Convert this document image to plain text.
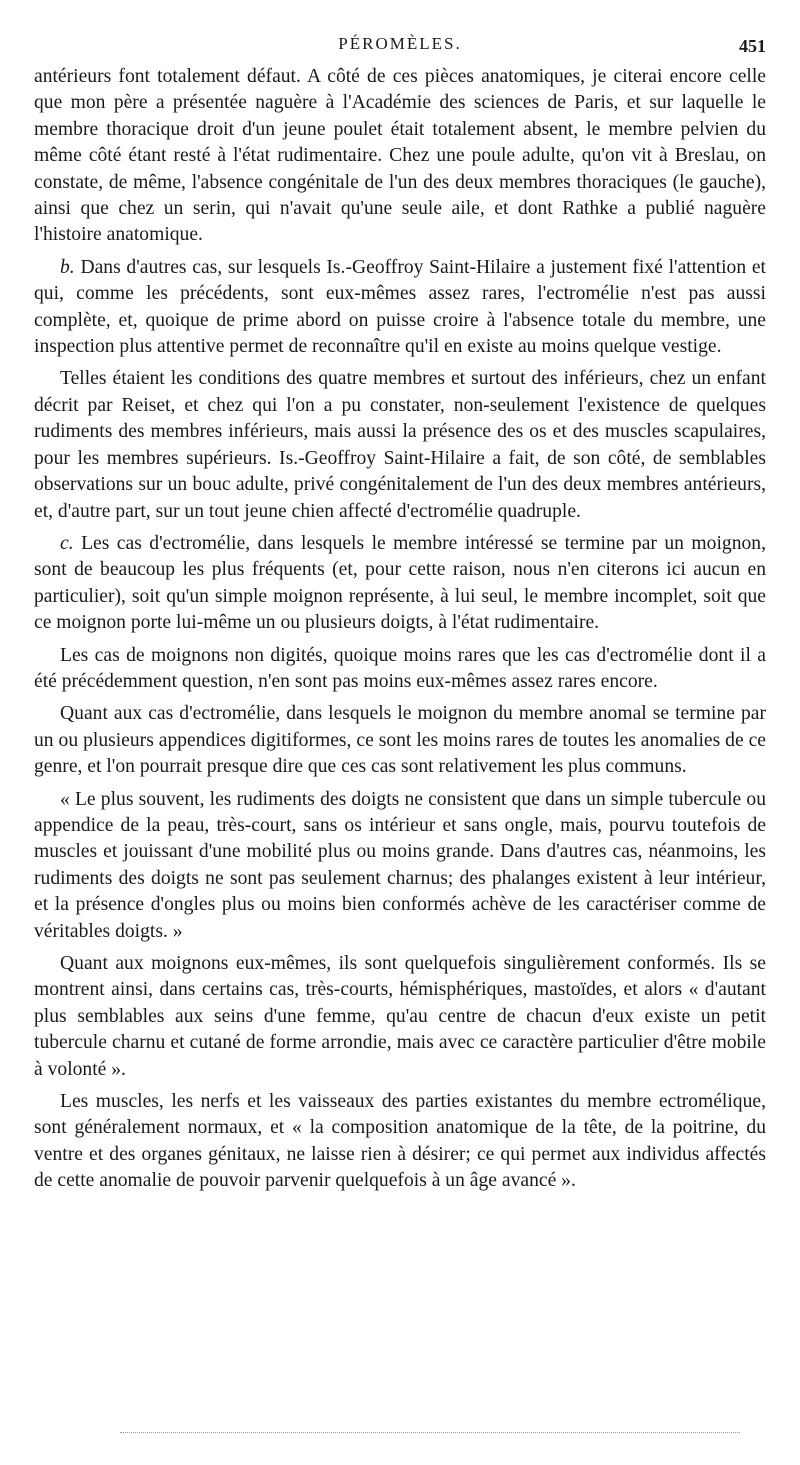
PÉROMÈLES.	451

antérieurs font totalement défaut. A côté de ces pièces anatomiques, je citerai encore celle que mon père a présentée naguère à l'Académie des sciences de Paris, et sur laquelle le membre thoracique droit d'un jeune poulet était totalement absent, le membre pelvien du même côté étant resté à l'état rudimentaire. Chez une poule adulte, qu'on vit à Breslau, on constate, de même, l'absence congénitale de l'un des deux membres thoraciques (le gauche), ainsi que chez un serin, qui n'avait qu'une seule aile, et dont Rathke a publié naguère l'histoire anatomique.

b. Dans d'autres cas, sur lesquels Is.-Geoffroy Saint-Hilaire a justement fixé l'attention et qui, comme les précédents, sont eux-mêmes assez rares, l'ectromélie n'est pas aussi complète, et, quoique de prime abord on puisse croire à l'absence totale du membre, une inspection plus attentive permet de reconnaître qu'il en existe au moins quelque vestige.

Telles étaient les conditions des quatre membres et surtout des inférieurs, chez un enfant décrit par Reiset, et chez qui l'on a pu constater, non-seulement l'existence de quelques rudiments des membres inférieurs, mais aussi la présence des os et des muscles scapulaires, pour les membres supérieurs. Is.-Geoffroy Saint-Hilaire a fait, de son côté, de semblables observations sur un bouc adulte, privé congénitalement de l'un des deux membres antérieurs, et, d'autre part, sur un tout jeune chien affecté d'ectromélie quadruple.

c. Les cas d'ectromélie, dans lesquels le membre intéressé se termine par un moignon, sont de beaucoup les plus fréquents (et, pour cette raison, nous n'en citerons ici aucun en particulier), soit qu'un simple moignon représente, à lui seul, le membre incomplet, soit que ce moignon porte lui-même un ou plusieurs doigts, à l'état rudimentaire.

Les cas de moignons non digités, quoique moins rares que les cas d'ectromélie dont il a été précédemment question, n'en sont pas moins eux-mêmes assez rares encore.

Quant aux cas d'ectromélie, dans lesquels le moignon du membre anomal se termine par un ou plusieurs appendices digitiformes, ce sont les moins rares de toutes les anomalies de ce genre, et l'on pourrait presque dire que ces cas sont relativement les plus communs.

« Le plus souvent, les rudiments des doigts ne consistent que dans un simple tubercule ou appendice de la peau, très-court, sans os intérieur et sans ongle, mais, pourvu toutefois de muscles et jouissant d'une mobilité plus ou moins grande. Dans d'autres cas, néanmoins, les rudiments des doigts ne sont pas seulement charnus; des phalanges existent à leur intérieur, et la présence d'ongles plus ou moins bien conformés achève de les caractériser comme de véritables doigts. »

Quant aux moignons eux-mêmes, ils sont quelquefois singulièrement conformés. Ils se montrent ainsi, dans certains cas, très-courts, hémisphériques, mastoïdes, et alors « d'autant plus semblables aux seins d'une femme, qu'au centre de chacun d'eux existe un petit tubercule charnu et cutané de forme arrondie, mais avec ce caractère particulier d'être mobile à volonté ».

Les muscles, les nerfs et les vaisseaux des parties existantes du membre ectromélique, sont généralement normaux, et « la composition anatomique de la tête, de la poitrine, du ventre et des organes génitaux, ne laisse rien à désirer; ce qui permet aux individus affectés de cette anomalie de pouvoir parvenir quelquefois à un âge avancé ».
